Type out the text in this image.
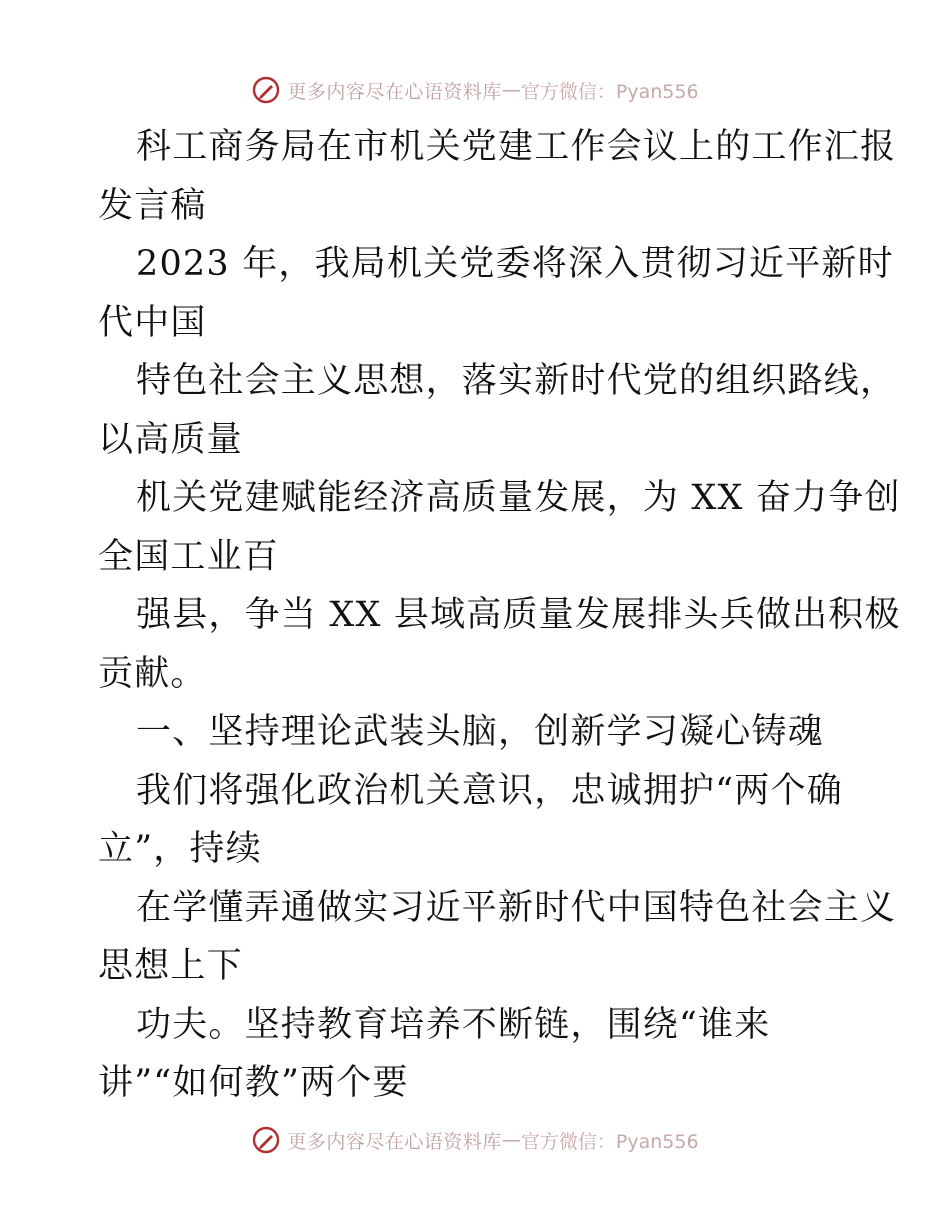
更多内容尽在心语资料库 — 官方微信：Pyan556
科工商务局在市机关党建工作会议上的工作汇报
发言稿
2023 年，我局机关党委将深入贯彻习近平新时
代中国
特色社会主义思想，落实新时代党的组织路线，
以高质量
机关党建赋能经济高质量发展，为 XX 奋力争创
全国工业百
强县，争当 XX 县域高质量发展排头兵做出积极
贡献。
一、坚持理论武装头脑，创新学习凝心铸魂
我们将强化政治机关意识，忠诚拥护“两个确
立”，持续
在学懂弄通做实习近平新时代中国特色社会主义
思想上下
功夫。坚持教育培养不断链，围绕“谁来
讲”“如何教”两个要
更多内容尽在心语资料库 — 官方微信：Pyan556
